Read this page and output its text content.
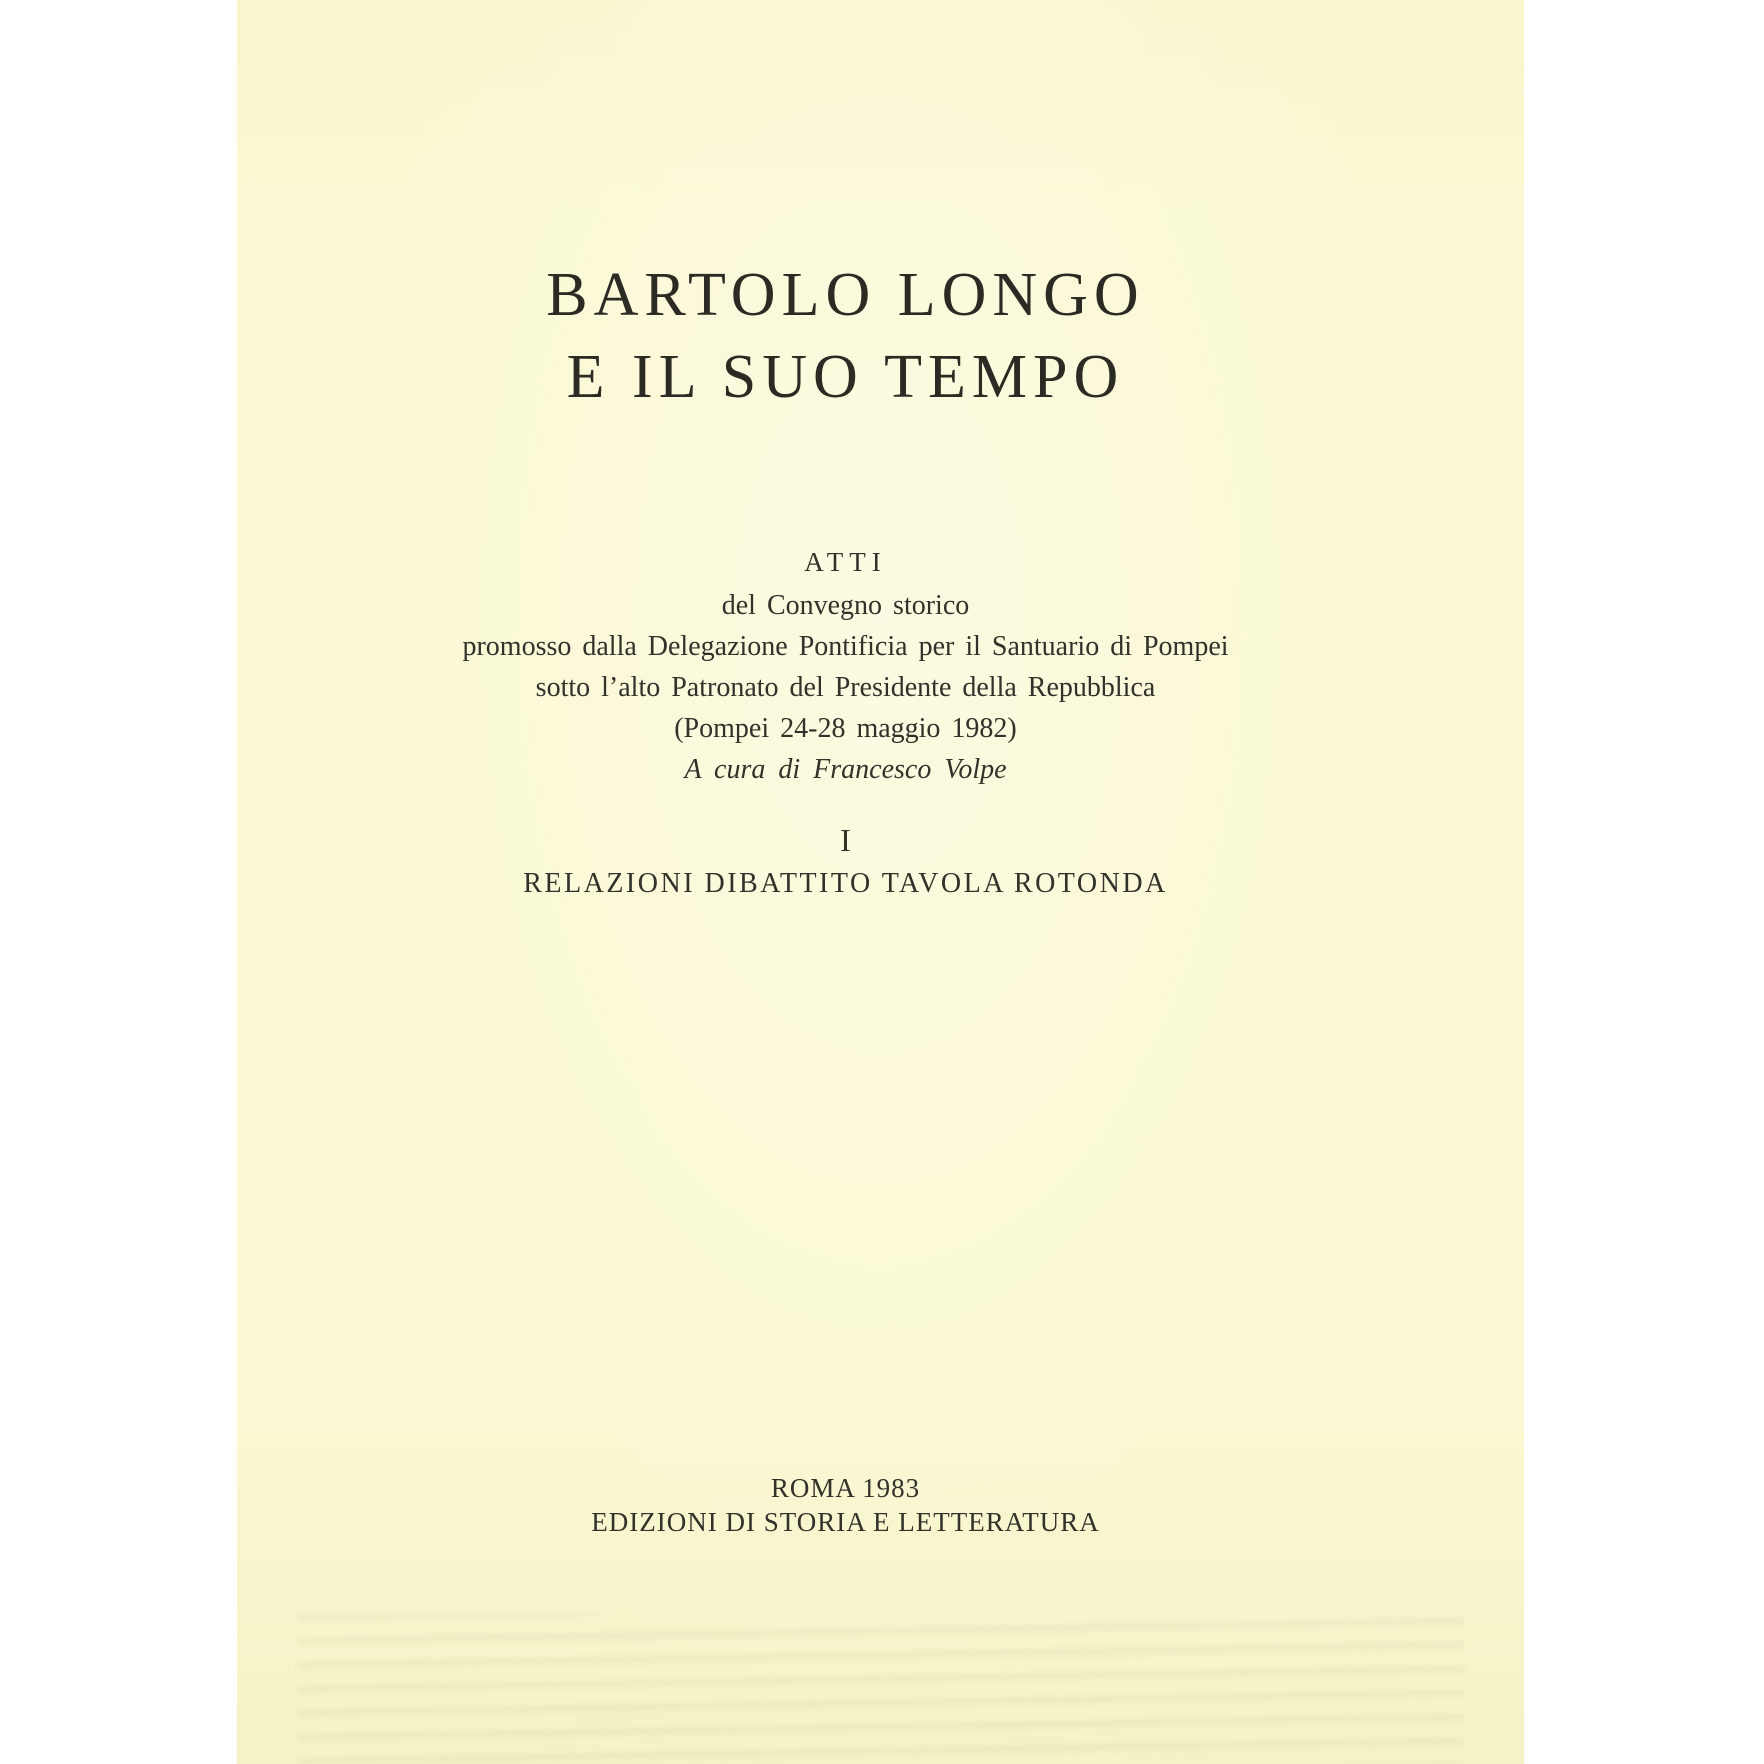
BARTOLO LONGO
E IL SUO TEMPO
ATTI
del Convegno storico
promosso dalla Delegazione Pontificia per il Santuario di Pompei
sotto l’alto Patronato del Presidente della Repubblica
(Pompei 24-28 maggio 1982)
A cura di Francesco Volpe
I
RELAZIONI DIBATTITO TAVOLA ROTONDA
ROMA 1983
EDIZIONI DI STORIA E LETTERATURA
